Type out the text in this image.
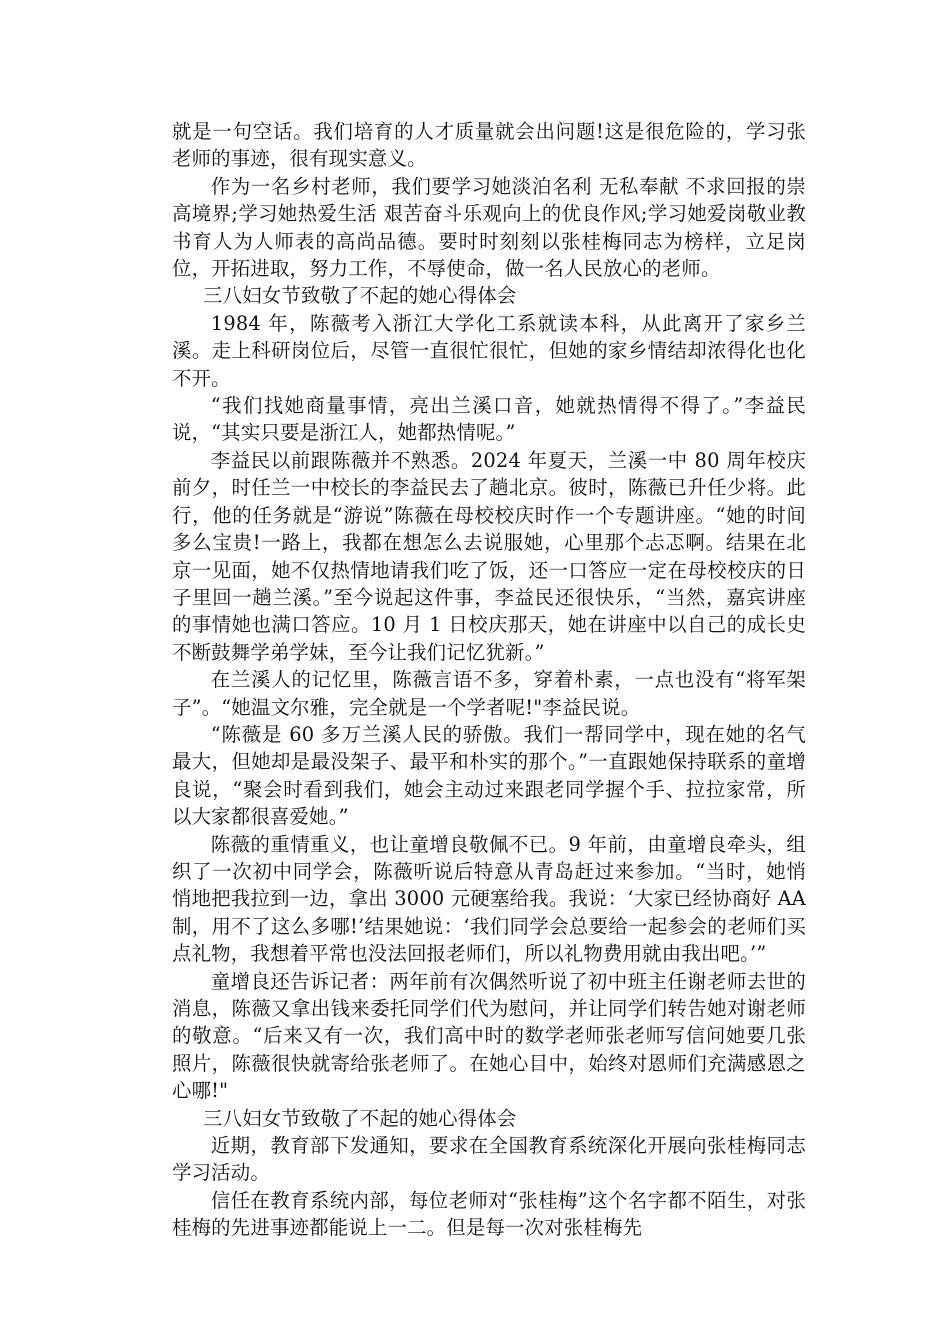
就是一句空话。我们培育的人才质量就会出问题!这是很危险的，学习张老师的事迹，很有现实意义。

作为一名乡村老师，我们要学习她淡泊名利 无私奉献 不求回报的崇高境界;学习她热爱生活 艰苦奋斗乐观向上的优良作风;学习她爱岗敬业教书育人为人师表的高尚品德。要时时刻刻以张桂梅同志为榜样，立足岗位，开拓进取，努力工作，不辱使命，做一名人民放心的老师。

三八妇女节致敬了不起的她心得体会

1984 年，陈薇考入浙江大学化工系就读本科，从此离开了家乡兰溪。走上科研岗位后，尽管一直很忙很忙，但她的家乡情结却浓得化也化不开。

“我们找她商量事情，亮出兰溪口音，她就热情得不得了。”李益民说，“其实只要是浙江人，她都热情呢。”

李益民以前跟陈薇并不熟悉。2024 年夏天，兰溪一中 80 周年校庆前夕，时任兰一中校长的李益民去了趟北京。彼时，陈薇已升任少将。此行，他的任务就是“游说”陈薇在母校校庆时作一个专题讲座。“她的时间多么宝贵!一路上，我都在想怎么去说服她，心里那个忐忑啊。结果在北京一见面，她不仅热情地请我们吃了饭，还一口答应一定在母校校庆的日子里回一趟兰溪。”至今说起这件事，李益民还很快乐，“当然，嘉宾讲座的事情她也满口答应。10 月 1 日校庆那天，她在讲座中以自己的成长史不断鼓舞学弟学妹，至今让我们记忆犹新。”

在兰溪人的记忆里，陈薇言语不多，穿着朴素，一点也没有“将军架子”。“她温文尔雅，完全就是一个学者呢!"李益民说。

“陈薇是 60 多万兰溪人民的骄傲。我们一帮同学中，现在她的名气最大，但她却是最没架子、最平和朴实的那个。”一直跟她保持联系的童增良说，“聚会时看到我们，她会主动过来跟老同学握个手、拉拉家常，所以大家都很喜爱她。”

陈薇的重情重义，也让童增良敬佩不已。9 年前，由童增良牵头，组织了一次初中同学会，陈薇听说后特意从青岛赶过来参加。“当时，她悄悄地把我拉到一边，拿出 3000 元硬塞给我。我说：‘大家已经协商好 AA 制，用不了这么多哪!’结果她说：‘我们同学会总要给一起参会的老师们买点礼物，我想着平常也没法回报老师们，所以礼物费用就由我出吧。’”

童增良还告诉记者：两年前有次偶然听说了初中班主任谢老师去世的消息，陈薇又拿出钱来委托同学们代为慰问，并让同学们转告她对谢老师的敬意。“后来又有一次，我们高中时的数学老师张老师写信问她要几张照片，陈薇很快就寄给张老师了。在她心目中，始终对恩师们充满感恩之心哪!"

三八妇女节致敬了不起的她心得体会

近期，教育部下发通知，要求在全国教育系统深化开展向张桂梅同志学习活动。

信任在教育系统内部，每位老师对“张桂梅”这个名字都不陌生，对张桂梅的先进事迹都能说上一二。但是每一次对张桂梅先
